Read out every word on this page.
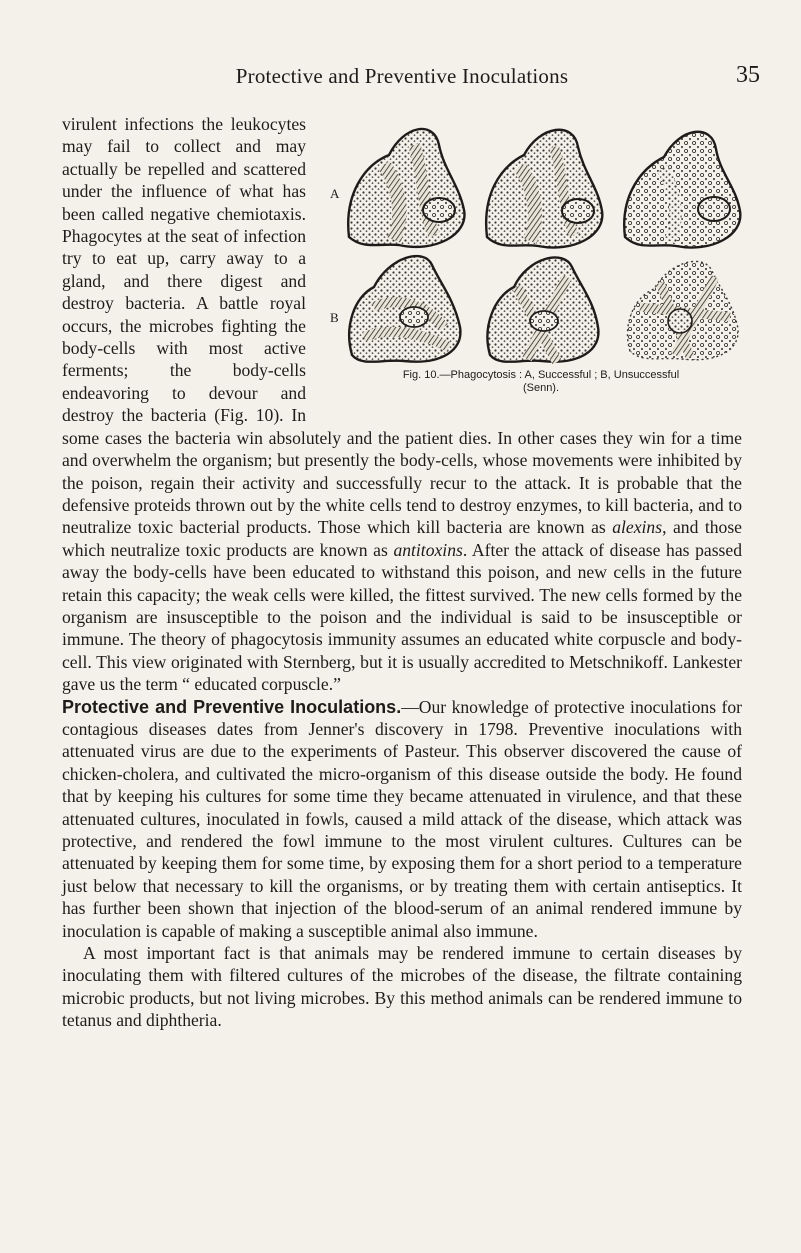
Protective and Preventive Inoculations	35
A
B
Fig. 10.—Phagocytosis : A, Successful ; B, Unsuccessful
(Senn).

virulent infections the leukocytes may fail to collect and may actually be repelled and scattered under the influence of what has been called negative chemiotaxis. Phagocytes at the seat of infection try to eat up, carry away to a gland, and there digest and destroy bacteria. A battle royal occurs, the microbes fighting the body-cells with most active ferments; the body-cells endeavoring to devour and destroy the bacteria (Fig. 10). In some cases the bacteria win absolutely and the patient dies. In other cases they win for a time and overwhelm the organism; but presently the body-cells, whose movements were inhibited by the poison, regain their activity and successfully recur to the attack. It is probable that the defensive proteids thrown out by the white cells tend to destroy enzymes, to kill bacteria, and to neutralize toxic bacterial products. Those which kill bacteria are known as alexins, and those which neutralize toxic products are known as antitoxins. After the attack of disease has passed away the body-cells have been educated to withstand this poison, and new cells in the future retain this capacity; the weak cells were killed, the fittest survived. The new cells formed by the organism are insusceptible to the poison and the individual is said to be insusceptible or immune. The theory of phagocytosis immunity assumes an educated white corpuscle and body-cell. This view originated with Sternberg, but it is usually accredited to Metschnikoff. Lankester gave us the term “ educated corpuscle.”

Protective and Preventive Inoculations.—Our knowledge of protective inoculations for contagious diseases dates from Jenner's discovery in 1798. Preventive inoculations with attenuated virus are due to the experiments of Pasteur. This observer discovered the cause of chicken-cholera, and cultivated the micro-organism of this disease outside the body. He found that by keeping his cultures for some time they became attenuated in virulence, and that these attenuated cultures, inoculated in fowls, caused a mild attack of the disease, which attack was protective, and rendered the fowl immune to the most virulent cultures. Cultures can be attenuated by keeping them for some time, by exposing them for a short period to a temperature just below that necessary to kill the organisms, or by treating them with certain antiseptics. It has further been shown that injection of the blood-serum of an animal rendered immune by inoculation is capable of making a susceptible animal also immune.

A most important fact is that animals may be rendered immune to certain diseases by inoculating them with filtered cultures of the microbes of the disease, the filtrate containing microbic products, but not living microbes. By this method animals can be rendered immune to tetanus and diphtheria.
